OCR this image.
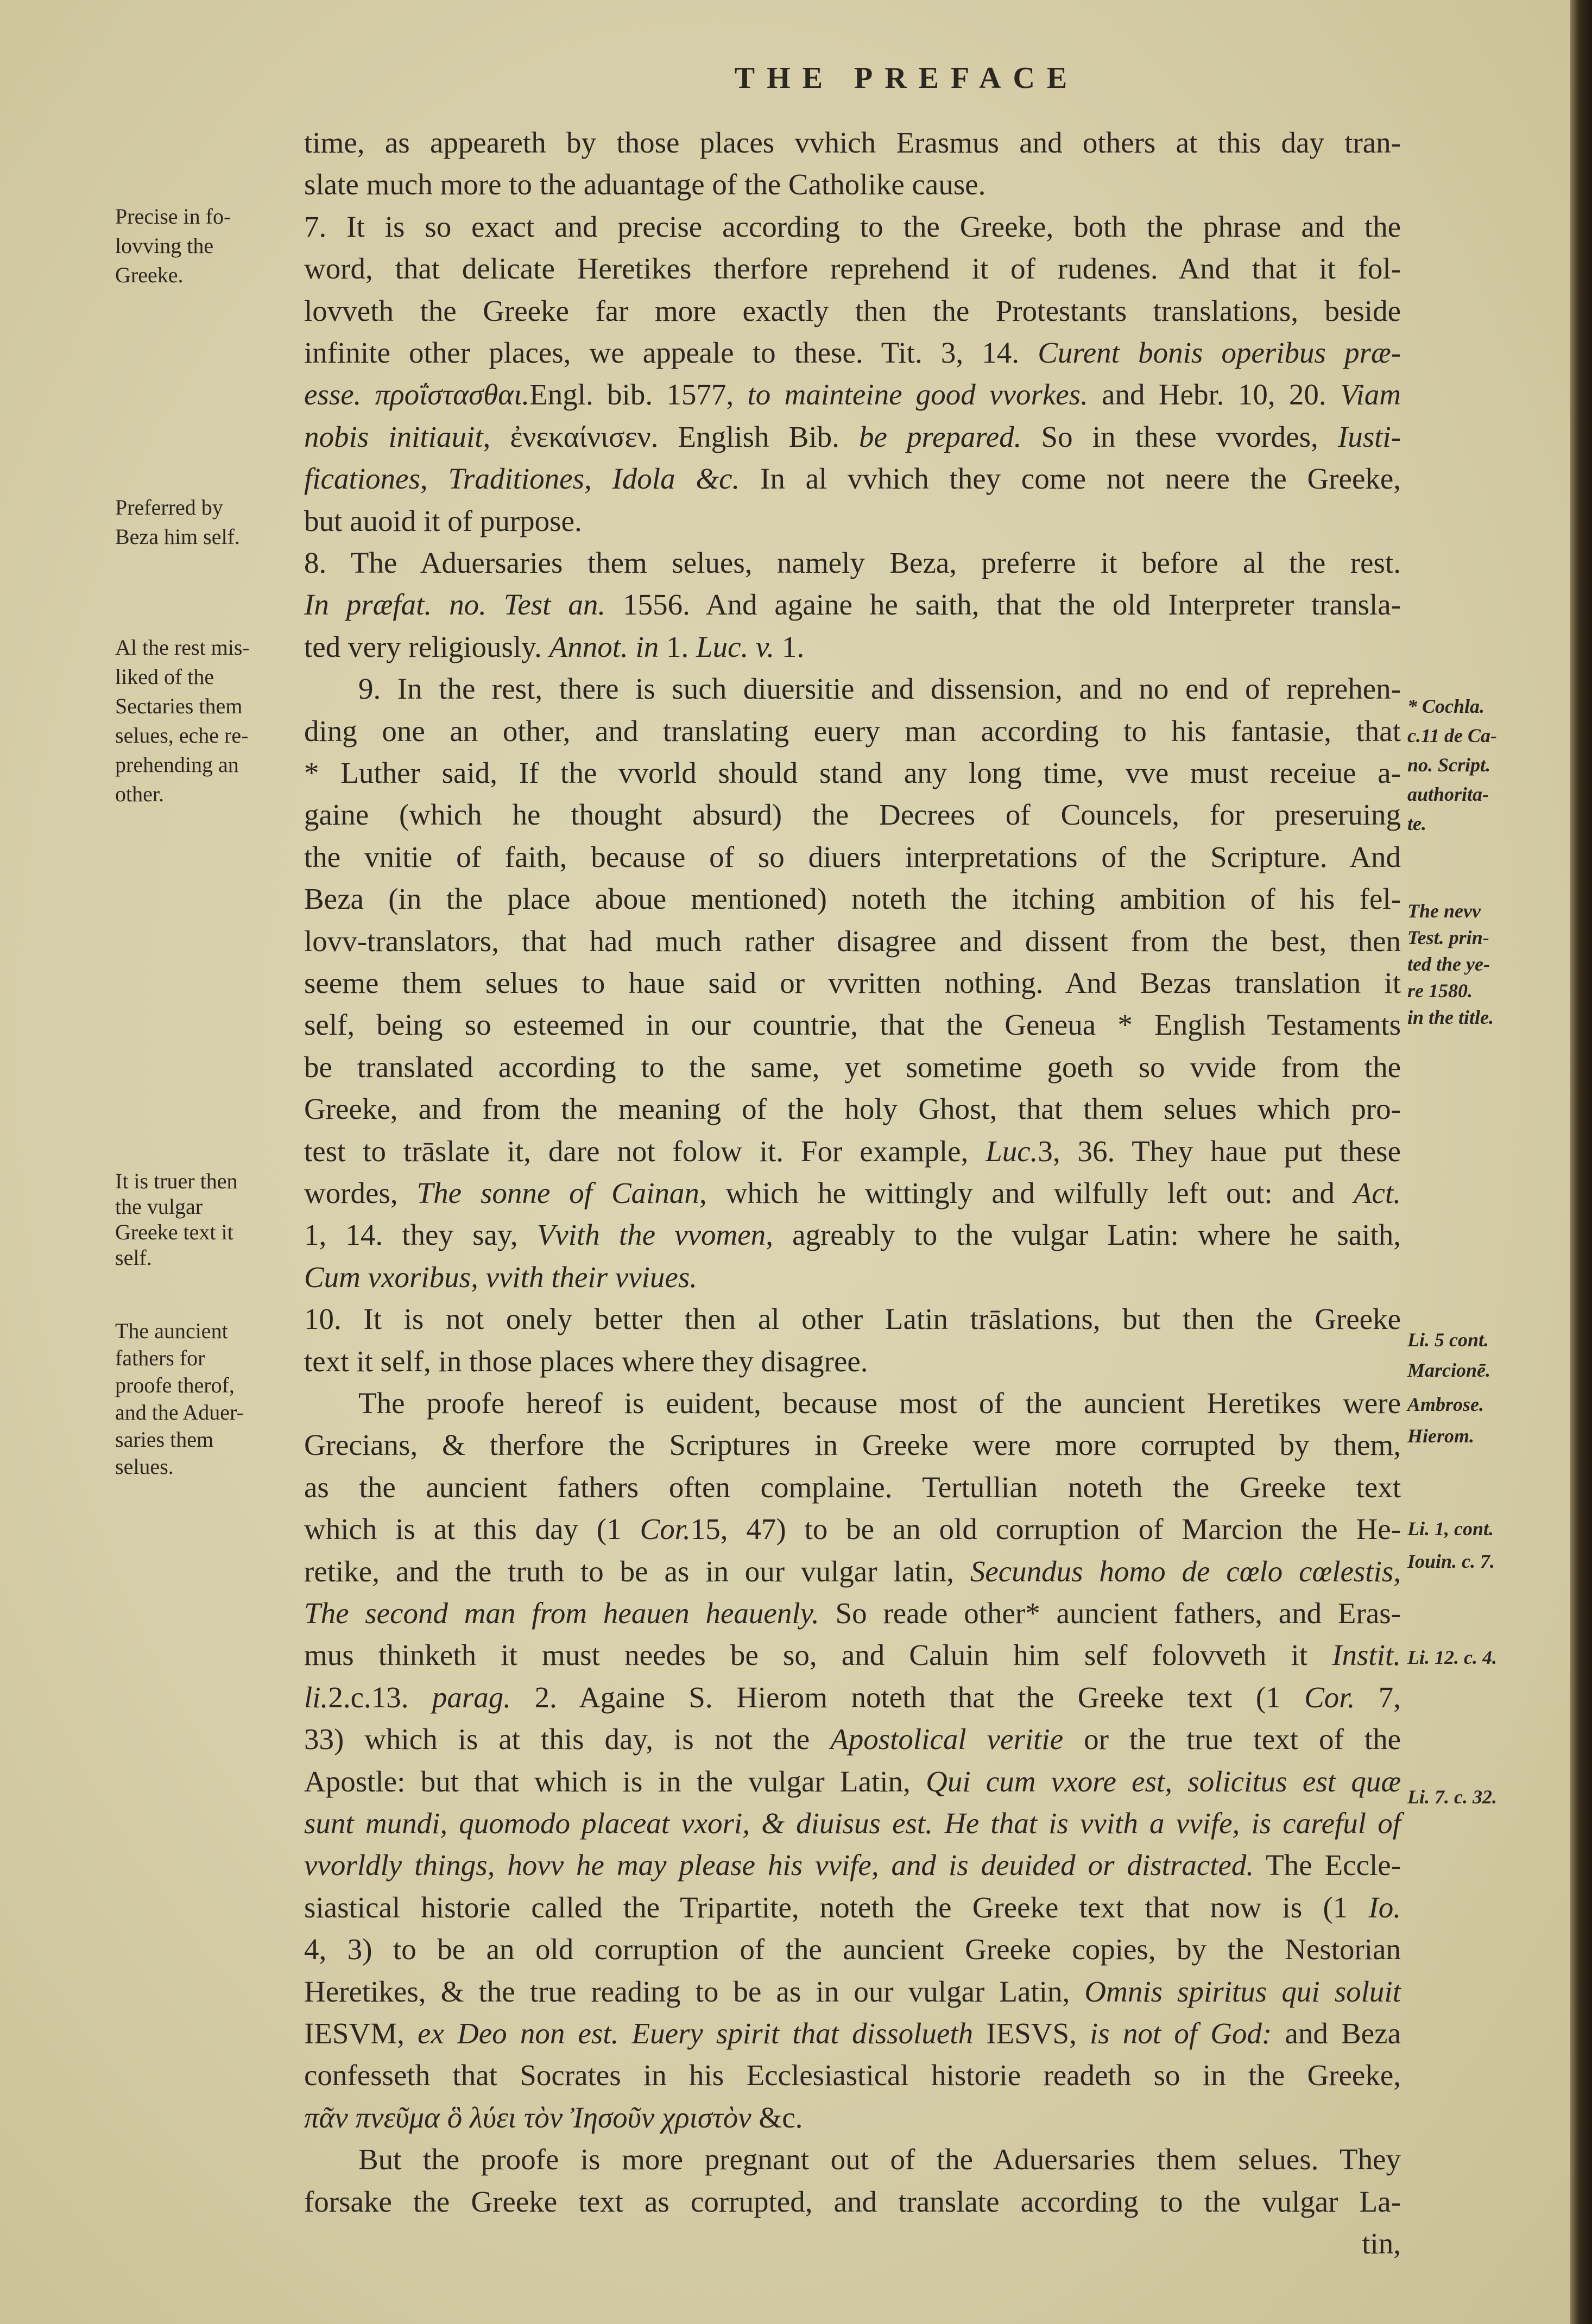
THE PREFACE
time, as appeareth by those places vvhich Erasmus and others at this day tran-
slate much more to the aduantage of the Catholike cause.
7. It is so exact and precise according to the Greeke, both the phrase and the
word, that delicate Heretikes therfore reprehend it of rudenes. And that it fol-
lovveth the Greeke far more exactly then the Protestants translations, beside
infinite other places, we appeale to these. Tit. 3, 14. Curent bonis operibus præ-
esse. προΐστασθαι.Engl. bib. 1577, to mainteine good vvorkes. and Hebr. 10, 20. Viam
nobis initiauit, ἐνεκαίνισεν. English Bib. be prepared. So in these vvordes, Iusti-
ficationes, Traditiones, Idola &c. In al vvhich they come not neere the Greeke,
but auoid it of purpose.
8. The Aduersaries them selues, namely Beza, preferre it before al the rest.
In præfat. no. Test an. 1556. And againe he saith, that the old Interpreter transla-
ted very religiously. Annot. in 1. Luc. v. 1.
9. In the rest, there is such diuersitie and dissension, and no end of reprehen-
ding one an other, and translating euery man according to his fantasie, that
* Luther said, If the vvorld should stand any long time, vve must receiue a-
gaine (which he thought absurd) the Decrees of Councels, for preseruing
the vnitie of faith, because of so diuers interpretations of the Scripture. And
Beza (in the place aboue mentioned) noteth the itching ambition of his fel-
lovv-translators, that had much rather disagree and dissent from the best, then
seeme them selues to haue said or vvritten nothing. And Bezas translation it
self, being so esteemed in our countrie, that the Geneua * English Testaments
be translated according to the same, yet sometime goeth so vvide from the
Greeke, and from the meaning of the holy Ghost, that them selues which pro-
test to trāslate it, dare not folow it. For example, Luc.3, 36. They haue put these
wordes, The sonne of Cainan, which he wittingly and wilfully left out: and Act.
1, 14. they say, Vvith the vvomen, agreably to the vulgar Latin: where he saith,
Cum vxoribus, vvith their vviues.
10. It is not onely better then al other Latin trāslations, but then the Greeke
text it self, in those places where they disagree.
The proofe hereof is euident, because most of the auncient Heretikes were
Grecians, & therfore the Scriptures in Greeke were more corrupted by them,
as the auncient fathers often complaine. Tertullian noteth the Greeke text
which is at this day (1 Cor.15, 47) to be an old corruption of Marcion the He-
retike, and the truth to be as in our vulgar latin, Secundus homo de cœlo cœlestis,
The second man from heauen heauenly. So reade other* auncient fathers, and Eras-
mus thinketh it must needes be so, and Caluin him self folovveth it Instit.
li.2.c.13. parag. 2. Againe S. Hierom noteth that the Greeke text (1 Cor. 7,
33) which is at this day, is not the Apostolical veritie or the true text of the
Apostle: but that which is in the vulgar Latin, Qui cum vxore est, solicitus est quæ
sunt mundi, quomodo placeat vxori, & diuisus est. He that is vvith a vvife, is careful of
vvorldly things, hovv he may please his vvife, and is deuided or distracted. The Eccle-
siastical historie called the Tripartite, noteth the Greeke text that now is (1 Io.
4, 3) to be an old corruption of the auncient Greeke copies, by the Nestorian
Heretikes, & the true reading to be as in our vulgar Latin, Omnis spiritus qui soluit
IESVM, ex Deo non est. Euery spirit that dissolueth IESVS, is not of God: and Beza
confesseth that Socrates in his Ecclesiastical historie readeth so in the Greeke,
πᾶν πνεῦμα ὃ λύει τὸν Ἰησοῦν χριστὸν &c.
But the proofe is more pregnant out of the Aduersaries them selues. They
forsake the Greeke text as corrupted, and translate according to the vulgar La-
tin,
Precise in fo-
lovving the
Greeke.
Preferred by
Beza him self.
Al the rest mis-
liked of the
Sectaries them
selues, eche re-
prehending an
other.
It is truer then
the vulgar
Greeke text it
self.
The auncient
fathers for
proofe therof,
and the Aduer-
saries them
selues.
* Cochla.
c.11 de Ca-
no. Script.
authorita-
te.
The nevv
Test. prin-
ted the ye-
re 1580.
in the title.
Li. 5 cont.
Marcionē.
Ambrose.
Hierom.
Li. 1, cont.
Iouin. c. 7.
Li. 12. c. 4.
Li. 7. c. 32.
